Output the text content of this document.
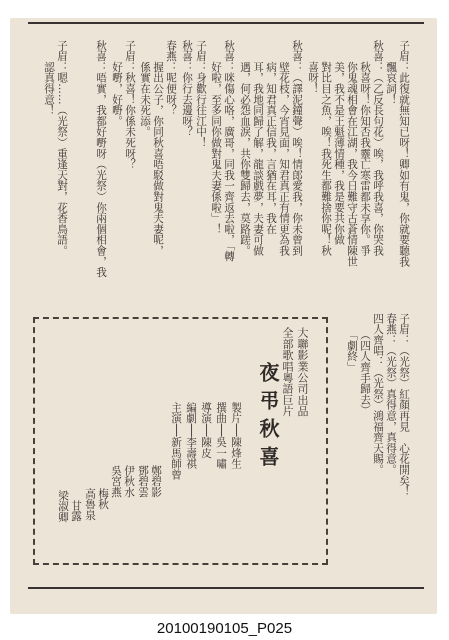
子眉：此復就無知已呀！卿如有鬼，你就要聽我
　　飄哀詞！
秋喜：（乙反長句花）唉，我呼我喜，你哭我
　　秋喜呀！你知否我靈亡寒雷都未享你。爭
　　你鬼魂相會在江湖，我今日難守古蒼情陳世
　　美，我不是王魁薄情種，我是要共你做
　　對比目之魚，唉！我死生都難捨你呢！秋
　　喜呀！
秋喜：（譯泥鐘聲）唉！情郎愛我，你未曾到
　　壁花枝，今宵見面，知君真正有情更為我
　　病，知君真正信我，言猶在耳，我在
　　耳，我地同歸了解，龍談戲夢，夫妻可做
　　遇，何必怨血淚，共你雙歸去，莫路蹉。
秋喜：咪傷心咯，廣哥，同我一齊返去啦，「轉
　　好啦，至多同你做對鬼夫妻係啦」！
子眉：身歡行往江中！
秋喜：你行去邊呀？
春燕：呢便呀？
　　握出公子，你同秋喜唔駁做對鬼夫妻呢，
　　係實在未死添。
子眉：秋喜！你係未死呀？
　　好嘢，好嘢。
秋喜：唔實，我都好嘢呀（光祭）你兩個相會，我
子眉：嗯……（光祭）重逢天對，花香鳥語。
　　認真得意！
子眉：（光祭）紅顏再見　心花開矣！
春燕：（光祭）真得意，真得意。
四人齊唱：（光祭）鴻福齊天賜。
　　（四人齊手歸去）
　　「劇終」
大聯影業公司出品
全部歌唱粵語巨片
夜弔秋喜
製片──陳烽生
撰曲──吳一嘯
導演──陳皮
編劇──李壽祺
主演──新馬師曾
鄭碧影
鄧碧雲
伊秋水
吳宮燕
梅秋
高魯泉
甘露
梁淑卿
20100190105_P025
